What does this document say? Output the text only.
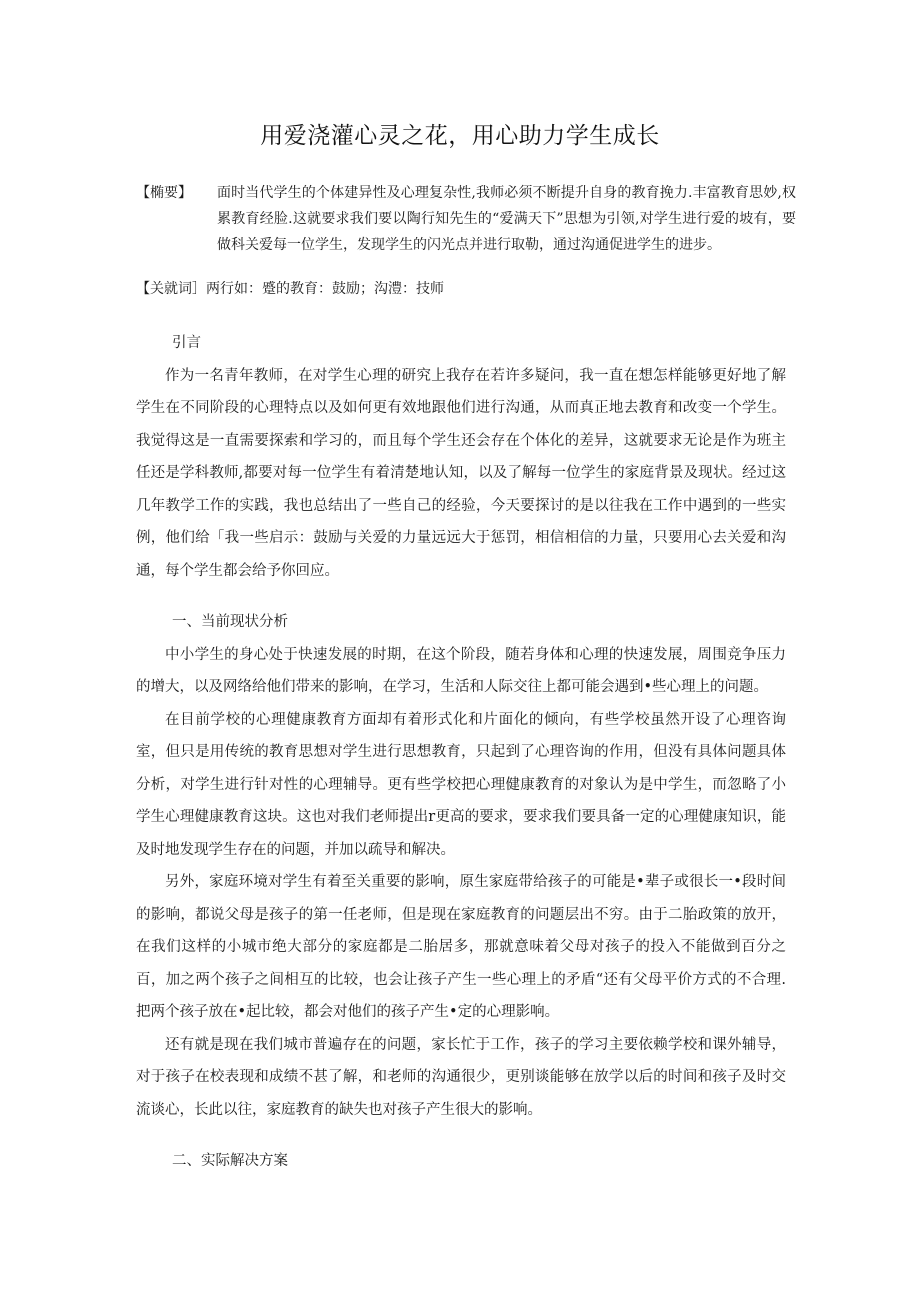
用爱浇灌心灵之花，用心助力学生成长
【椭要】 面时当代学生的个体建异性及心理复杂性,我师必须不断提升自身的教育挽力.丰富教育思妙,权累教育经脸.这就要求我们要以陶行知先生的“爱满天下”思想为引领,对学生进行爱的坡有，要做科关爱每一位学生，发现学生的闪光点并进行取勒，通过沟通促进学生的进步。
【关就词］两行如：蹙的教育：鼓励；沟澧：技师

引言

作为一名青年教师，在对学生心理的研究上我存在若许多疑问，我一直在想怎样能够更好地了解学生在不同阶段的心理特点以及如何更有效地跟他们进行沟通，从而真正地去教育和改变一个学生。我觉得这是一直需要探索和学习的，而且每个学生还会存在个体化的差异，这就要求无论是作为班主任还是学科教师,都要对每一位学生有着清楚地认知，以及了解每一位学生的家庭背景及现状。经过这几年教学工作的实践，我也总结出了一些自己的经验，今天要探讨的是以往我在工作中遇到的一些实例，他们给「我一些启示：鼓励与关爱的力量远远大于惩罚，相信相信的力量，只要用心去关爱和沟通，每个学生都会给予你回应。

一、当前现状分析

中小学生的身心处于快速发展的时期，在这个阶段，随若身体和心理的快速发展，周围竞争压力的增大，以及网络给他们带来的影响，在学习，生活和人际交往上都可能会遇到•些心理上的问题。

在目前学校的心理健康教育方面却有着形式化和片面化的倾向，有些学校虽然开设了心理咨询室，但只是用传统的教育思想对学生进行思想教育，只起到了心理咨询的作用，但没有具体问题具体分析，对学生进行针对性的心理辅导。更有些学校把心理健康教育的对象认为是中学生，而忽略了小学生心理健康教育这块。这也对我们老师提出r更高的要求，要求我们要具备一定的心理健康知识，能及时地发现学生存在的问题，并加以疏导和解决。

另外，家庭环境对学生有着至关重要的影响，原生家庭带给孩子的可能是•辈子或很长一•段时间的影响，都说父母是孩子的第一任老师，但是现在家庭教育的问题层出不穷。由于二胎政策的放开，在我们这样的小城市绝大部分的家庭都是二胎居多，那就意味着父母对孩子的投入不能做到百分之百，加之两个孩子之间相互的比较，也会让孩子产生一些心理上的矛盾“还有父母平价方式的不合理.把两个孩子放在•起比较，都会对他们的孩子产生•定的心理影响。

还有就是现在我们城市普遍存在的问题，家长忙于工作，孩子的学习主要依赖学校和课外辅导，对于孩子在校表现和成绩不甚了解，和老师的沟通很少，更别谈能够在放学以后的时间和孩子及时交流谈心，长此以往，家庭教育的缺失也对孩子产生很大的影响。

二、实际解决方案
